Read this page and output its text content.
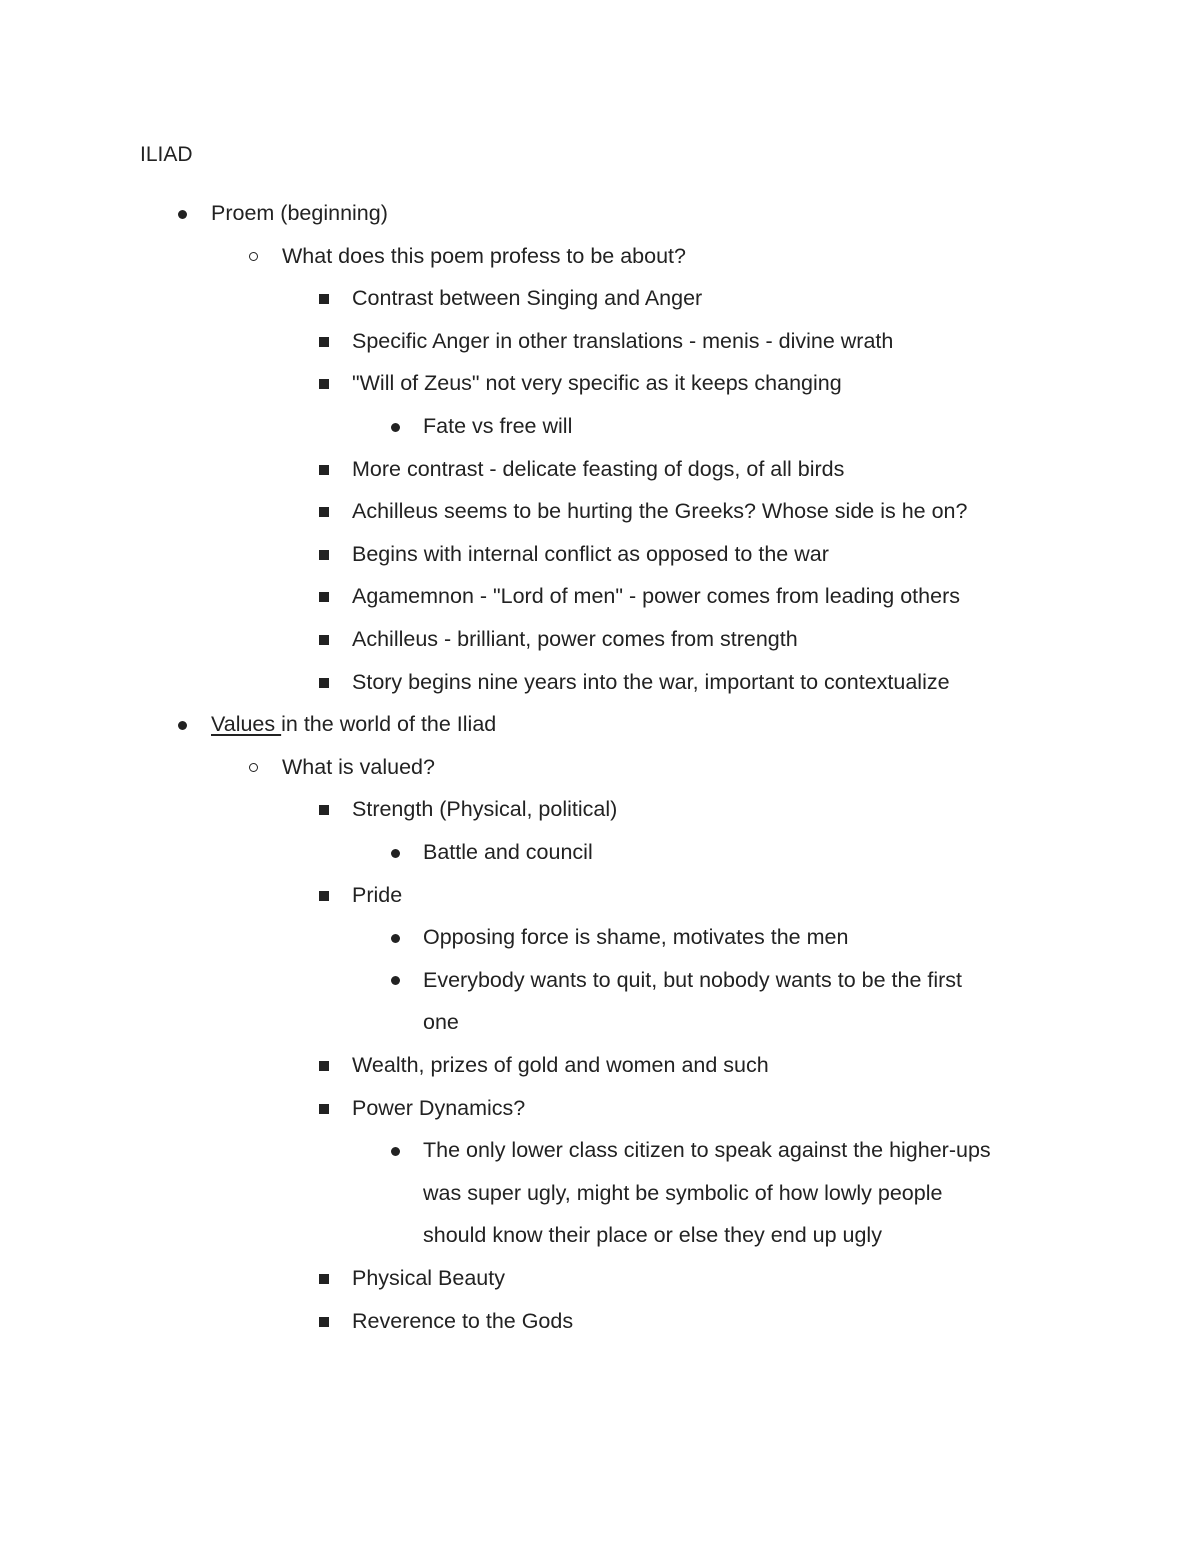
ILIAD
Proem (beginning)
What does this poem profess to be about?
Contrast between Singing and Anger
Specific Anger in other translations - menis - divine wrath
"Will of Zeus" not very specific as it keeps changing
Fate vs free will
More contrast - delicate feasting of dogs, of all birds
Achilleus seems to be hurting the Greeks? Whose side is he on?
Begins with internal conflict as opposed to the war
Agamemnon - "Lord of men" - power comes from leading others
Achilleus - brilliant, power comes from strength
Story begins nine years into the war, important to contextualize
Values in the world of the Iliad
What is valued?
Strength (Physical, political)
Battle and council
Pride
Opposing force is shame, motivates the men
Everybody wants to quit, but nobody wants to be the first
one
Wealth, prizes of gold and women and such
Power Dynamics?
The only lower class citizen to speak against the higher-ups
was super ugly, might be symbolic of how lowly people
should know their place or else they end up ugly
Physical Beauty
Reverence to the Gods
